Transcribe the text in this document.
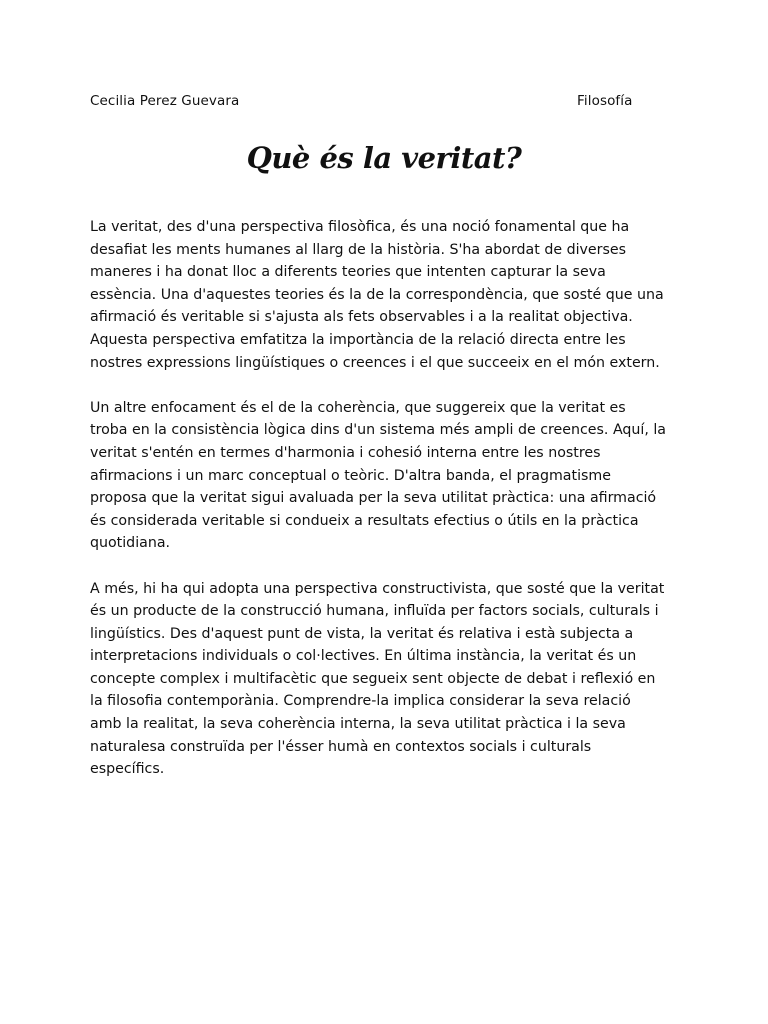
Cecilia Perez Guevara	Filosofía
Què és la veritat?

La veritat, des d'una perspectiva filosòfica, és una noció fonamental que ha
desafiat les ments humanes al llarg de la història. S'ha abordat de diverses
maneres i ha donat lloc a diferents teories que intenten capturar la seva
essència. Una d'aquestes teories és la de la correspondència, que sosté que una
afirmació és veritable si s'ajusta als fets observables i a la realitat objectiva.
Aquesta perspectiva emfatitza la importància de la relació directa entre les
nostres expressions lingüístiques o creences i el que succeeix en el món extern.

Un altre enfocament és el de la coherència, que suggereix que la veritat es
troba en la consistència lògica dins d'un sistema més ampli de creences. Aquí, la
veritat s'entén en termes d'harmonia i cohesió interna entre les nostres
afirmacions i un marc conceptual o teòric. D'altra banda, el pragmatisme
proposa que la veritat sigui avaluada per la seva utilitat pràctica: una afirmació
és considerada veritable si condueix a resultats efectius o útils en la pràctica
quotidiana.

A més, hi ha qui adopta una perspectiva constructivista, que sosté que la veritat
és un producte de la construcció humana, influïda per factors socials, culturals i
lingüístics. Des d'aquest punt de vista, la veritat és relativa i està subjecta a
interpretacions individuals o col·lectives. En última instància, la veritat és un
concepte complex i multifacètic que segueix sent objecte de debat i reflexió en
la filosofia contemporània. Comprendre-la implica considerar la seva relació
amb la realitat, la seva coherència interna, la seva utilitat pràctica i la seva
naturalesa construïda per l'ésser humà en contextos socials i culturals
específics.
